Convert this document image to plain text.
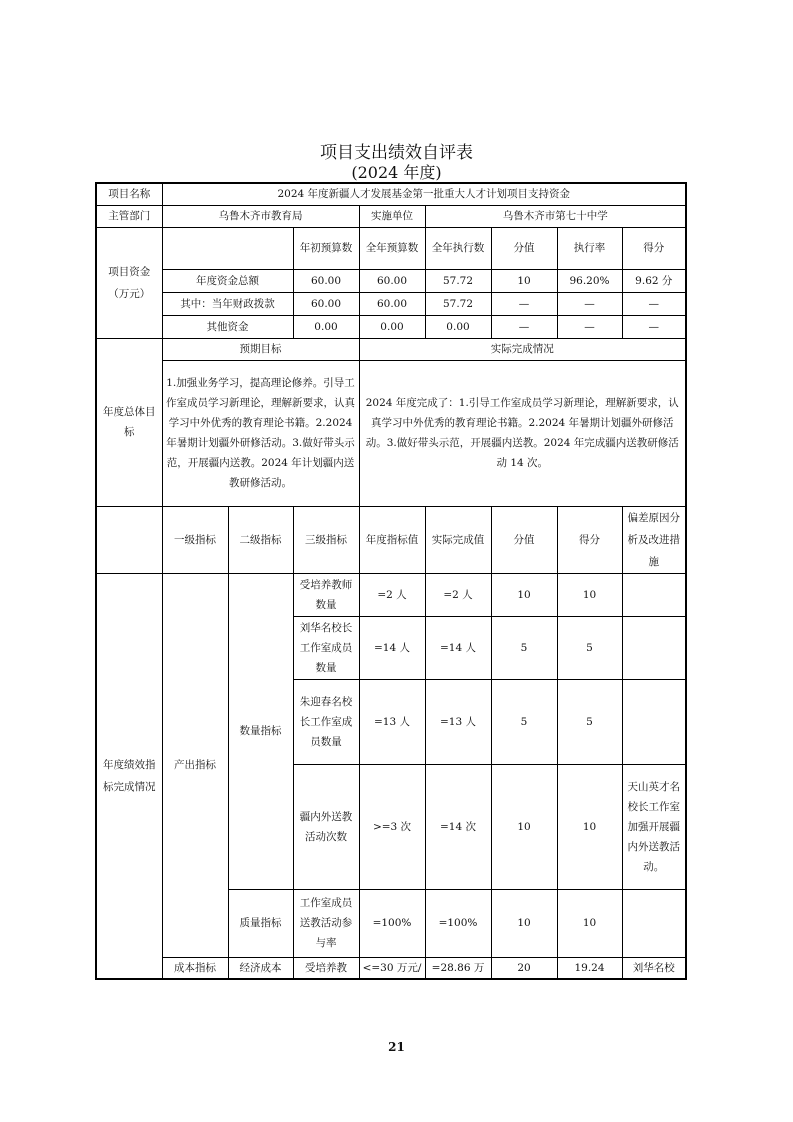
项目支出绩效自评表
(2024 年度)
项目名称	2024 年度新疆人才发展基金第一批重大人才计划项目支持资金							
主管部门	乌鲁木齐市教育局			实施单位	乌鲁木齐市第七十中学			
项目资金（万元）			年初预算数	全年预算数	全年执行数	分值	执行率	得分
	年度资金总额		60.00	60.00	57.72	10	96.20%	9.62 分
	其中：当年财政拨款		60.00	60.00	57.72	—	—	—
	其他资金		0.00	0.00	0.00	—	—	—
年度总体目标	预期目标			实际完成情况				
	1.加强业务学习，提高理论修养。引导工作室成员学习新理论，理解新要求，认真学习中外优秀的教育理论书籍。2.2024 年暑期计划疆外研修活动。3.做好带头示范，开展疆内送教。2024 年计划疆内送教研修活动。			2024 年度完成了：1.引导工作室成员学习新理论，理解新要求，认真学习中外优秀的教育理论书籍。2.2024 年暑期计划疆外研修活动。3.做好带头示范，开展疆内送教。2024 年完成疆内送教研修活动 14 次。				
	一级指标	二级指标	三级指标	年度指标值	实际完成值	分值	得分	偏差原因分析及改进措施
年度绩效指标完成情况	产出指标	数量指标	受培养教师数量	=2 人	=2 人	10	10	
			刘华名校长工作室成员数量	=14 人	=14 人	5	5	
			朱迎春名校长工作室成员数量	=13 人	=13 人	5	5	
			疆内外送教活动次数	>=3 次	=14 次	10	10	天山英才名校长工作室加强开展疆内外送教活动。
		质量指标	工作室成员送教活动参与率	=100%	=100%	10	10	
	成本指标	经济成本	受培养教	<=30 万元/	=28.86 万	20	19.24	刘华名校
21
